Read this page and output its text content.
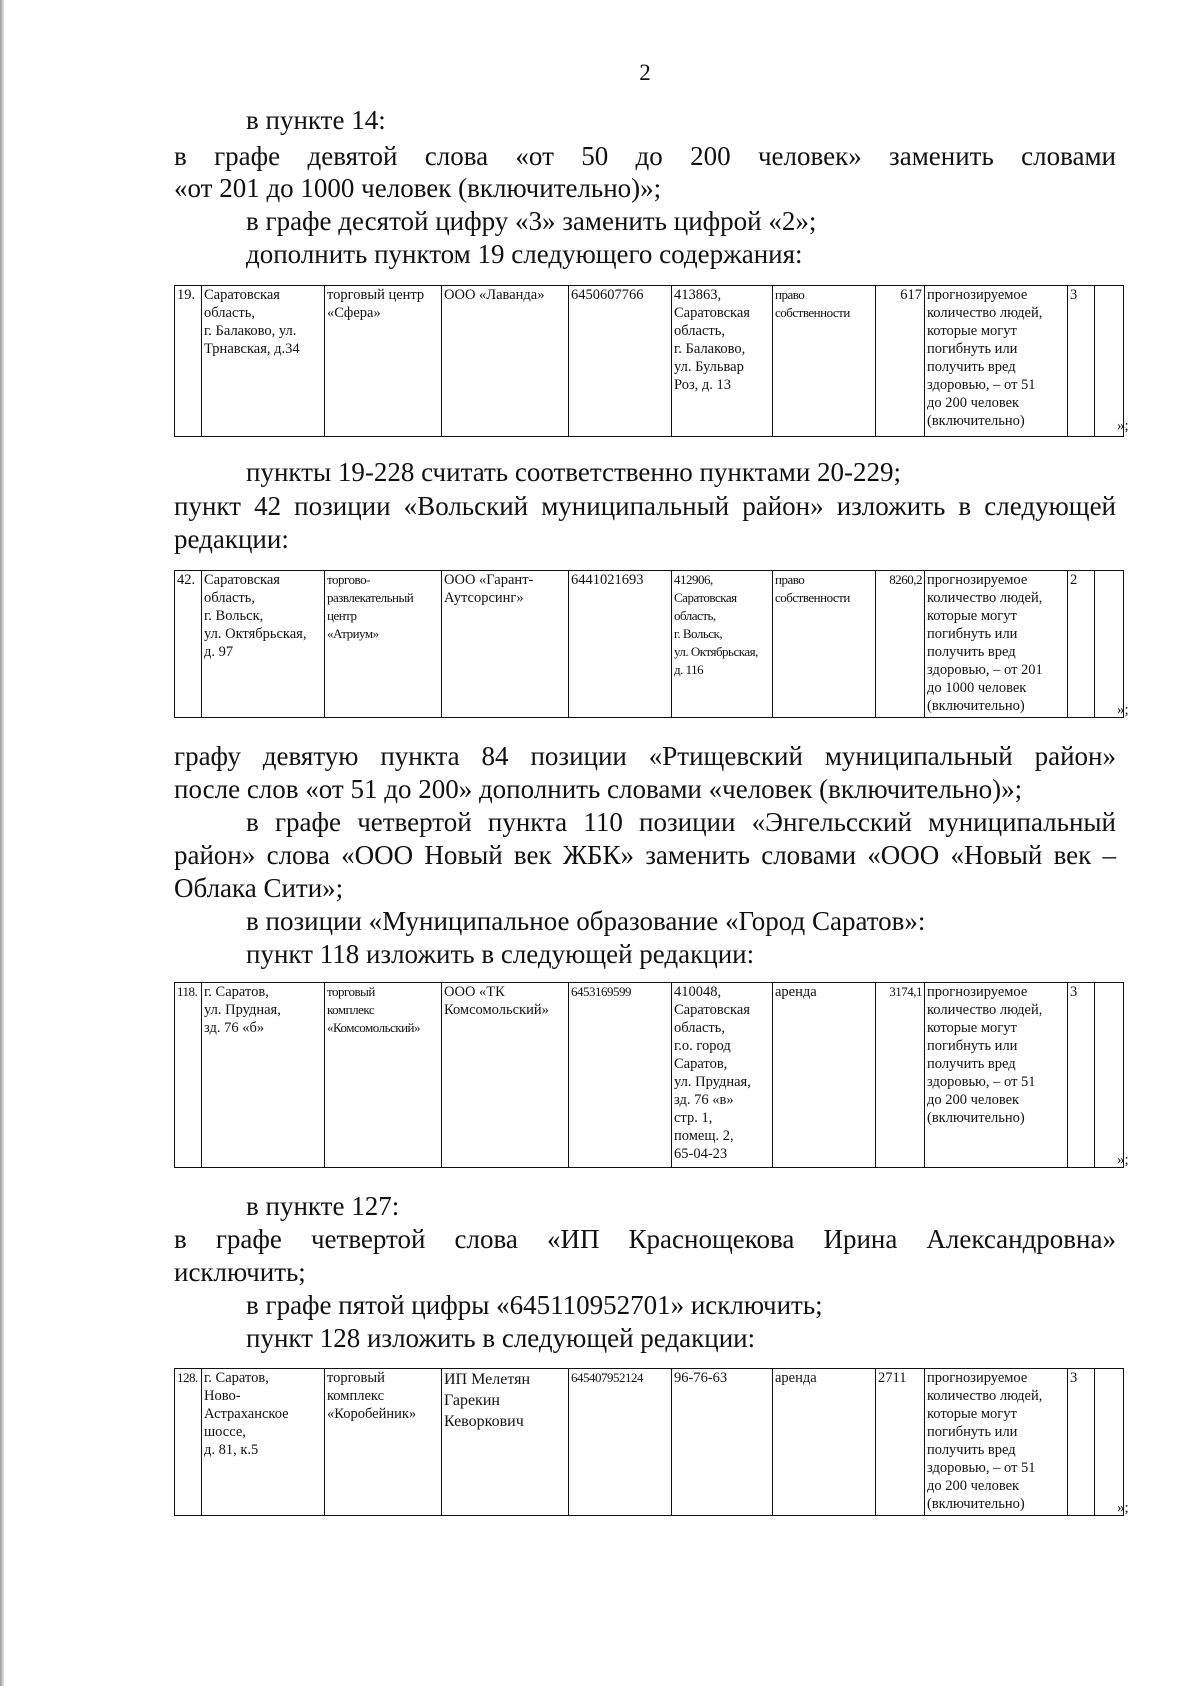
2
в пункте 14:
в графе девятой слова «от 50 до 200 человек» заменить словами
«от 201 до 1000 человек (включительно)»;
в графе десятой цифру «3» заменить цифрой «2»;
дополнить пунктом 19 следующего содержания:
19.	Саратовская
область,
г. Балаково, ул.
Трнавская, д.34	торговый центр
«Сфера»	ООО «Лаванда»	6450607766	413863,
Саратовская
область,
г. Балаково,
ул. Бульвар
Роз, д. 13	право
собственности	617	прогнозируемое
количество людей,
которые могут
погибнуть или
получить вред
здоровью, – от 51
до 200 человек
(включительно)	3	
»;
пункты 19-228 считать соответственно пунктами 20-229;
пункт 42 позиции «Вольский муниципальный район» изложить в следующей
редакции:
42.	Саратовская
область,
г. Вольск,
ул. Октябрьская,
д. 97	торгово-
развлекательный
центр
«Атриум»	ООО «Гарант-
Аутсорсинг»	6441021693	412906,
Саратовская
область,
г. Вольск,
ул. Октябрьская,
д. 116	право
собственности	8260,2	прогнозируемое
количество людей,
которые могут
погибнуть или
получить вред
здоровью, – от 201
до 1000 человек
(включительно)	2	
»;
графу девятую пункта 84 позиции «Ртищевский муниципальный район»
после слов «от 51 до 200» дополнить словами «человек (включительно)»;
в графе четвертой пункта 110 позиции «Энгельсский муниципальный
район» слова «ООО Новый век ЖБК» заменить словами «ООО «Новый век –
Облака Сити»;
в позиции «Муниципальное образование «Город Саратов»:
пункт 118 изложить в следующей редакции:
118.	г. Саратов,
ул. Прудная,
зд. 76 «б»	торговый
комплекс
«Комсомольский»	ООО «ТК
Комсомольский»	6453169599	410048,
Саратовская
область,
г.о. город
Саратов,
ул. Прудная,
зд. 76 «в»
стр. 1,
помещ. 2,
65-04-23	аренда	3174,1	прогнозируемое
количество людей,
которые могут
погибнуть или
получить вред
здоровью, – от 51
до 200 человек
(включительно)	3	
»;
в пункте 127:
в графе четвертой слова «ИП Краснощекова Ирина Александровна»
исключить;
в графе пятой цифры «645110952701» исключить;
пункт 128 изложить в следующей редакции:
128.	г. Саратов,
Ново-
Астраханское
шоссе,
д. 81, к.5	торговый
комплекс
«Коробейник»	ИП Мелетян
Гарекин
Кеворкович	645407952124	96-76-63	аренда	2711	прогнозируемое
количество людей,
которые могут
погибнуть или
получить вред
здоровью, – от 51
до 200 человек
(включительно)	3	
»;
